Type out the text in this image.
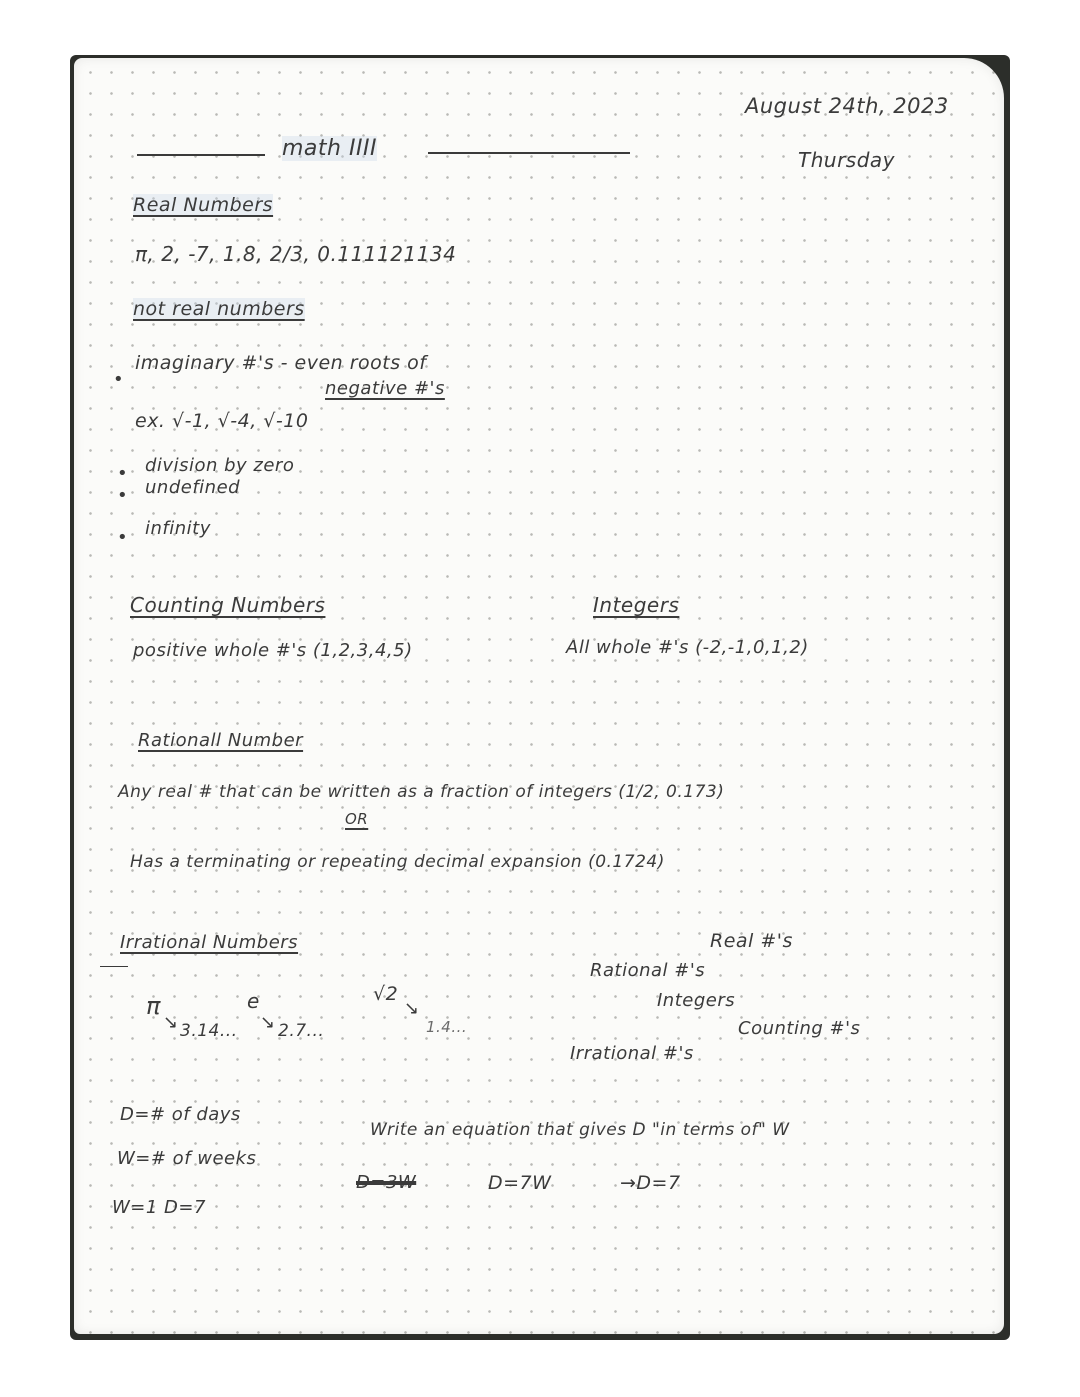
math IIII
August 24th, 2023
Thursday
Real Numbers
π, 2, -7, 1.8, 2/3, 0.111121134
not real numbers
•
imaginary #'s - even roots of
negative #'s
ex. √-1, √-4, √-10
• division by zero
• undefined
• infinity
Counting Numbers
positive whole #'s (1,2,3,4,5)
Integers
All whole #'s (-2,-1,0,1,2)
Rationall Number
Any real # that can be written as a fraction of integers (1/2, 0.173)
OR
Has a terminating or repeating decimal expansion (0.1724)
Irrational Numbers
π
↘ 3.14...
e
↘ 2.7...
√2
↘
1.4...
Real #'s
Rational #'s
Integers
Counting #'s
Irrational #'s
D=# of days
W=# of weeks
W=1 D=7
Write an equation that gives D "in terms of" W
D=3W	D=7W	→D=7
